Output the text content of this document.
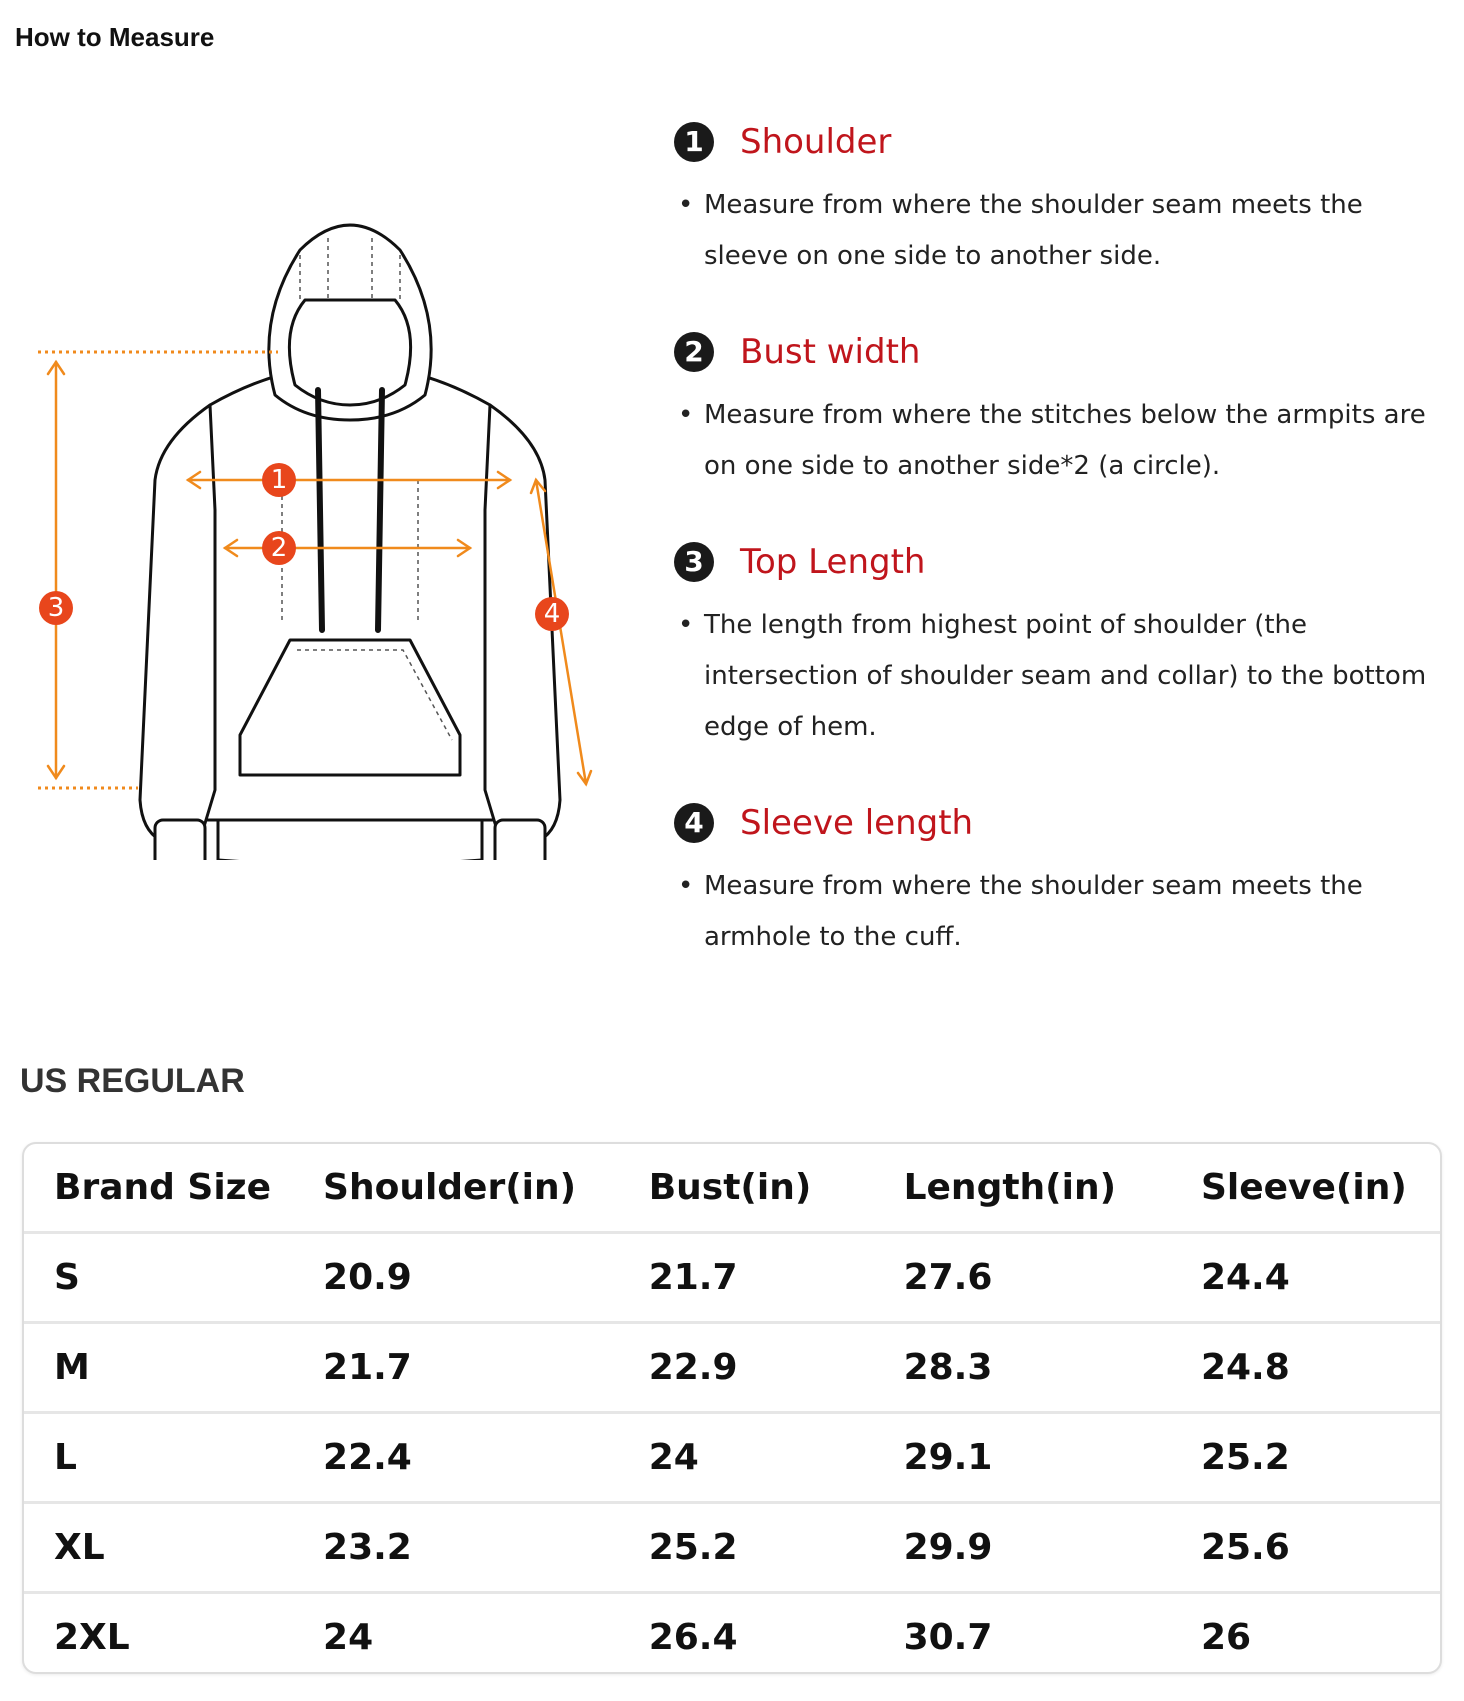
How to Measure
1
2
3	4
1	Shoulder
• Measure from where the shoulder seam meets the sleeve on one side to another side.
2	Bust width
• Measure from where the stitches below the armpits are on one side to another side*2 (a circle).
3	Top Length
• The length from highest point of shoulder (the intersection of shoulder seam and collar) to the bottom edge of hem.
4	Sleeve length
• Measure from where the shoulder seam meets the armhole to the cuff.
US REGULAR
Brand Size	Shoulder(in)	Bust(in)	Length(in)	Sleeve(in)
S	20.9	21.7	27.6	24.4
M	21.7	22.9	28.3	24.8
L	22.4	24	29.1	25.2
XL	23.2	25.2	29.9	25.6
2XL	24	26.4	30.7	26
